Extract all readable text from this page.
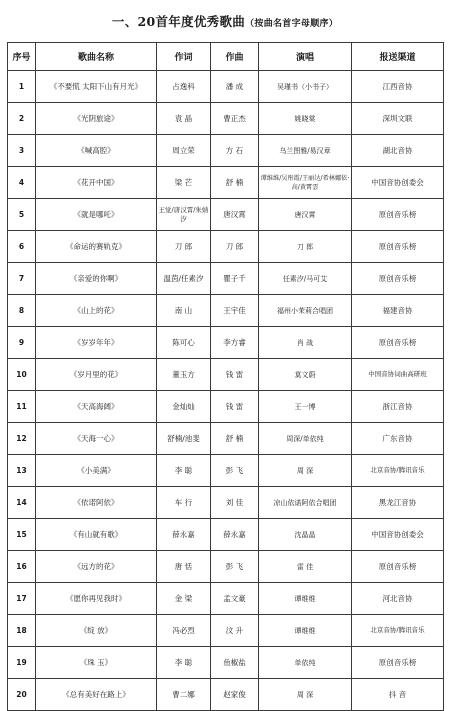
一、20首年度优秀歌曲（按曲名首字母顺序）
序号	歌曲名称	作词	作曲	演唱	报送渠道
1	《不要慌 太阳下山有月光》	占逸科	潘 成	吴瑾书（小书子）	江西音协
2	《光阴旅途》	袁 晶	曹正杰	姚晓棠	深圳文联
3	《喊高腔》	周立荣	方 石	乌兰图雅/易汉章	湖北音协
4	《花开中国》	梁 芒	舒 楠	谭维维/吴彤霞/王丽达/希林娜依·高/黄霄雲	中国音协创委会
5	《就是哪吒》	王觉/唐汉霄/朱婧汐	唐汉霄	唐汉霄	原创音乐榜
6	《命运的赛轨克》	刀 郎	刀 郎	刀 郎	原创音乐榜
7	《亲爱的你啊》	温茵/任素汐	瞿子千	任素汐/马可艾	原创音乐榜
8	《山上的花》	南 山	王宇佳	福州小茉莉合唱团	福建音协
9	《岁岁年年》	陈可心	李方睿	肖 战	原创音乐榜
10	《岁月里的花》	董玉方	钱 雷	莫文蔚	中国音协词曲高研班
11	《天高海阔》	金灿灿	钱 雷	王一博	浙江音协
12	《天海一心》	舒楠/池斐	舒 楠	周深/单依纯	广东音协
13	《小美满》	李 聪	彭 飞	周 深	北京音协/腾讯音乐
14	《依诺阿依》	车 行	刘 佳	凉山依诺阿依合唱团	黑龙江音协
15	《有山就有歌》	薛永嘉	薛永嘉	沈晶晶	中国音协创委会
16	《远方的花》	唐 恬	彭 飞	雷 佳	原创音乐榜
17	《愿你再见我时》	金 梁	孟文豪	谭维维	河北音协
18	《绽 放》	冯必烈	汶 升	谭维维	北京音协/腾讯音乐
19	《珠 玉》	李 聪	鱼椒盐	单依纯	原创音乐榜
20	《总有美好在路上》	曹二娜	赵家俊	周 深	抖 音
